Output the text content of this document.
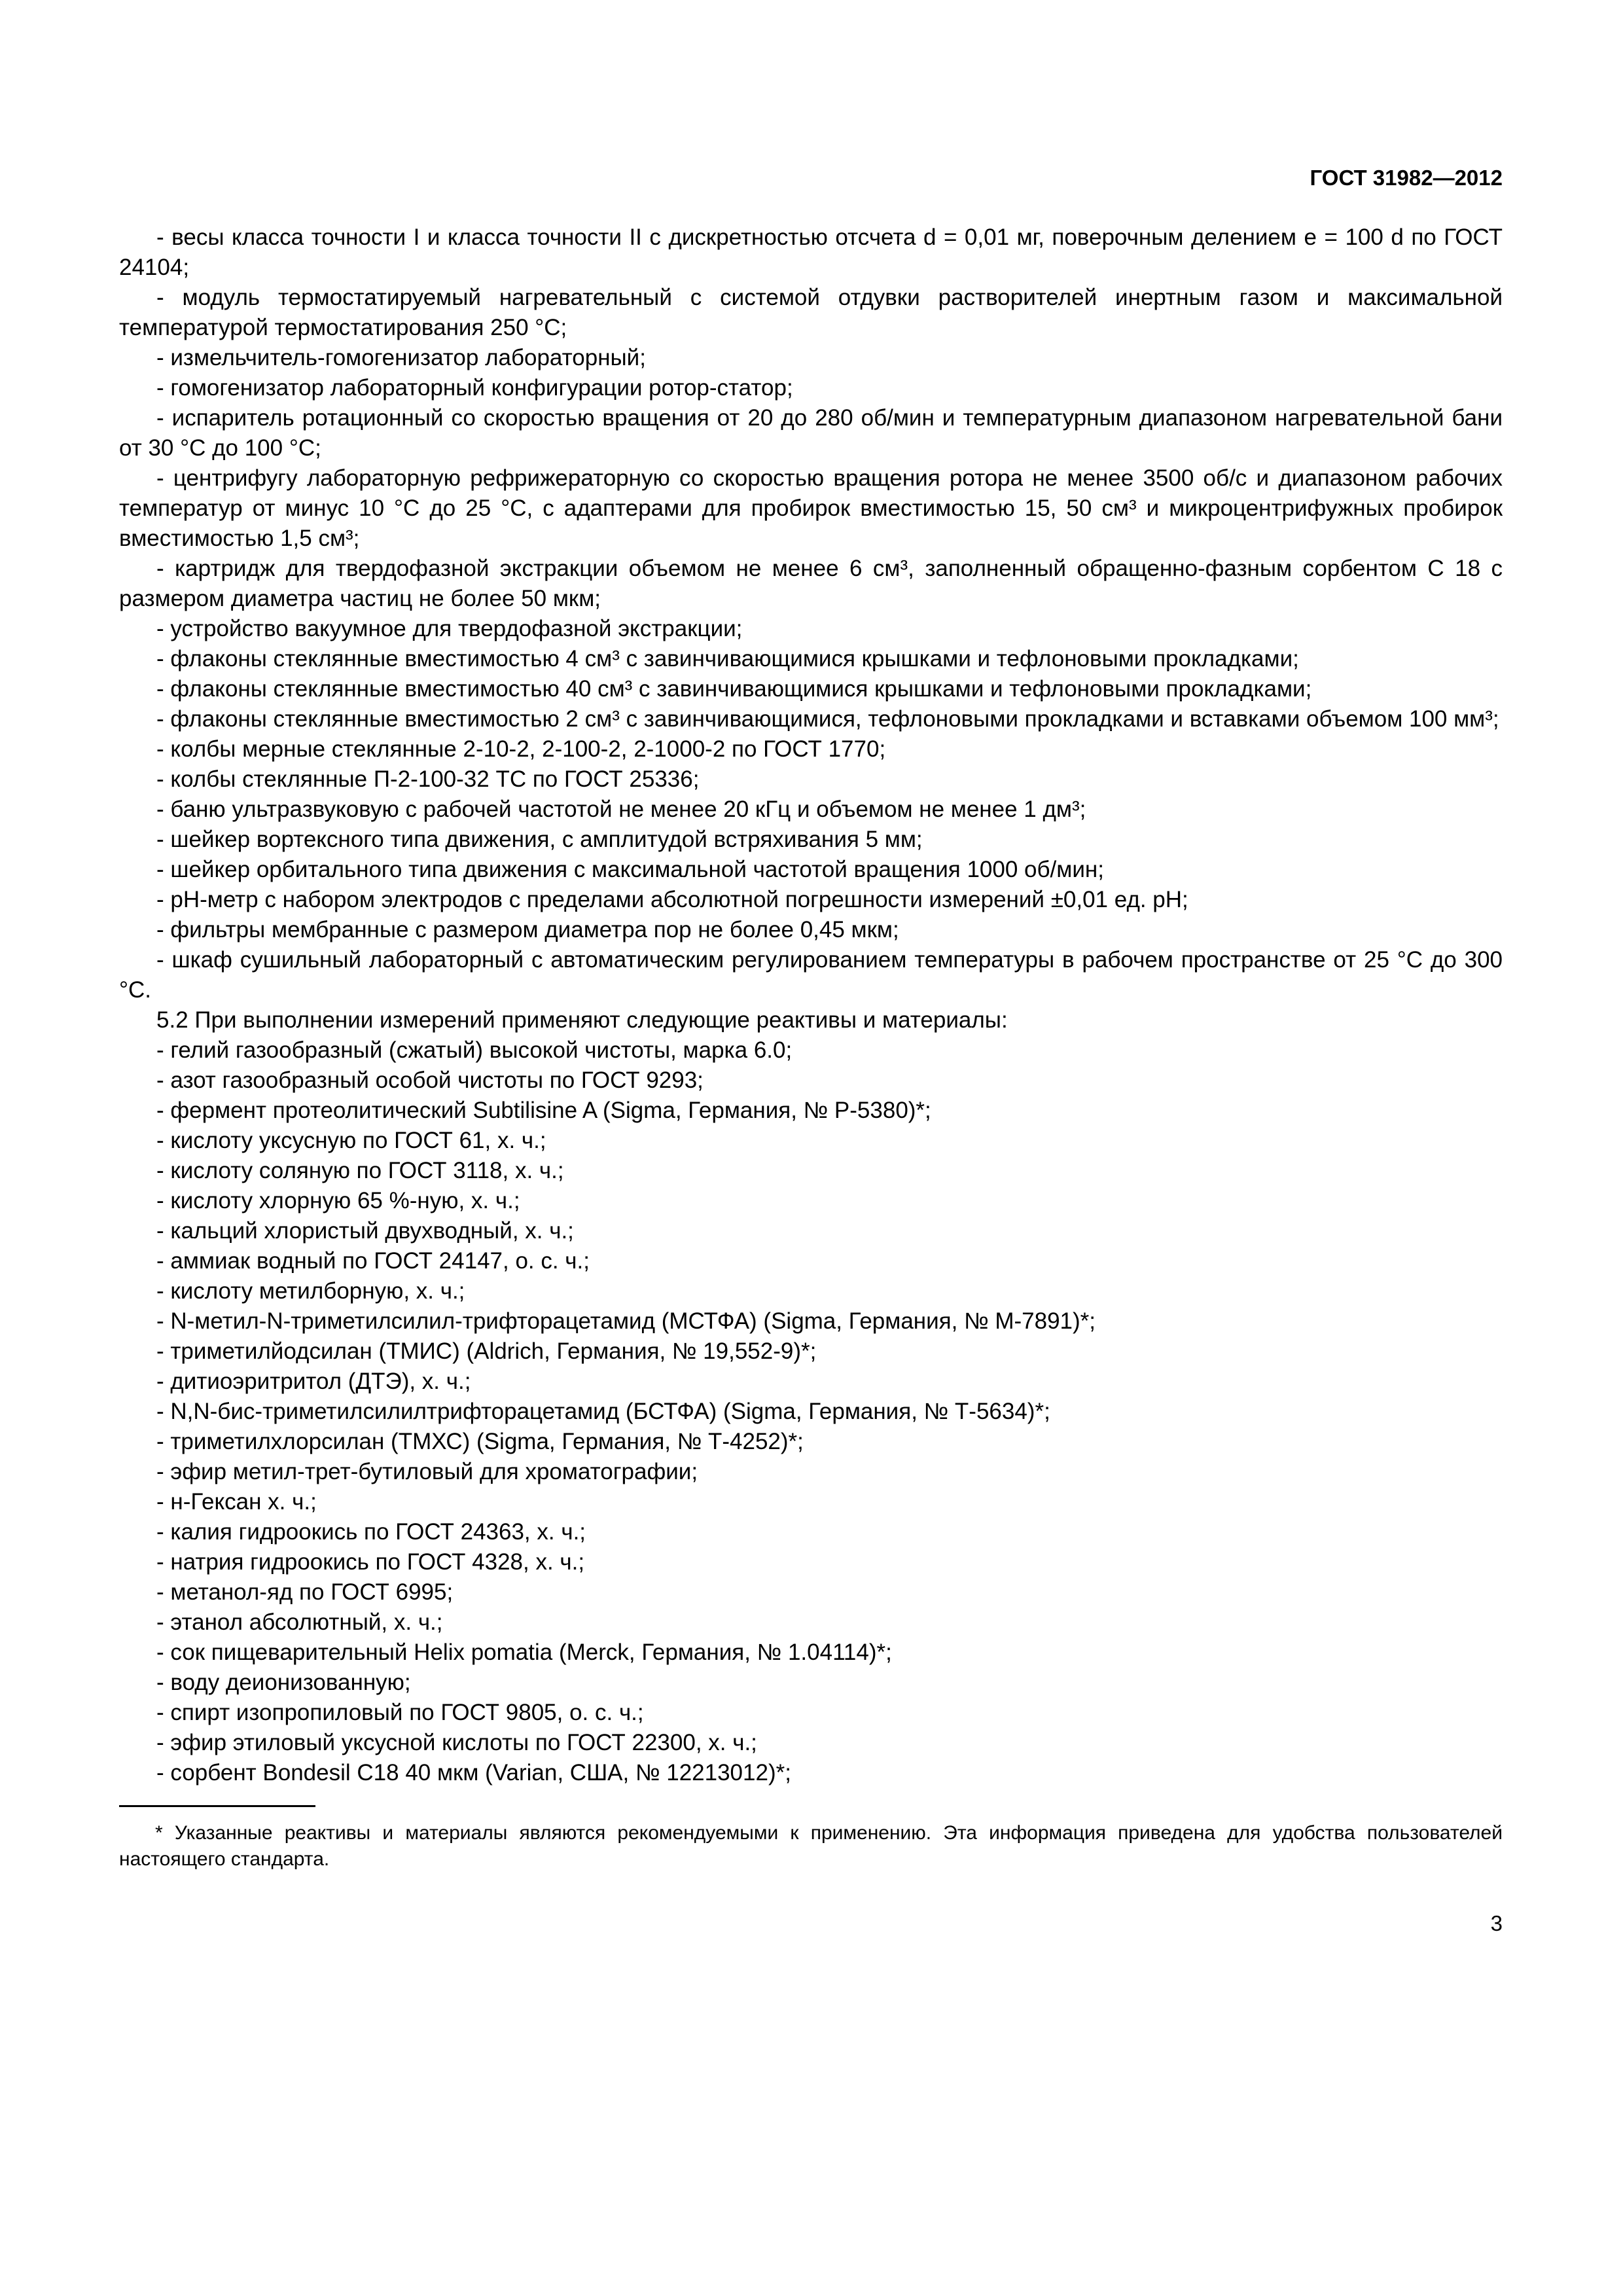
ГОСТ 31982—2012

- весы класса точности I и класса точности II с дискретностью отсчета d = 0,01 мг, поверочным делением е = 100 d по ГОСТ 24104;

- модуль термостатируемый нагревательный с системой отдувки растворителей инертным газом и максимальной температурой термостатирования 250 °С;

- измельчитель-гомогенизатор лабораторный;

- гомогенизатор лабораторный конфигурации ротор-статор;

- испаритель ротационный со скоростью вращения от 20 до 280 об/мин и температурным диапазоном нагревательной бани от 30 °С до 100 °С;

- центрифугу лабораторную рефрижераторную со скоростью вращения ротора не менее 3500 об/с и диапазоном рабочих температур от минус 10 °С до 25 °С, с адаптерами для пробирок вместимостью 15, 50 см³ и микроцентрифужных пробирок вместимостью 1,5 см³;

- картридж для твердофазной экстракции объемом не менее 6 см³, заполненный обращенно-фазным сорбентом С 18 с размером диаметра частиц не более 50 мкм;

- устройство вакуумное для твердофазной экстракции;

- флаконы стеклянные вместимостью 4 см³ с завинчивающимися крышками и тефлоновыми прокладками;

- флаконы стеклянные вместимостью 40 см³ с завинчивающимися крышками и тефлоновыми прокладками;

- флаконы стеклянные вместимостью 2 см³ с завинчивающимися, тефлоновыми прокладками и вставками объемом 100 мм³;

- колбы мерные стеклянные 2-10-2, 2-100-2, 2-1000-2 по ГОСТ 1770;

- колбы стеклянные П-2-100-32 ТС по ГОСТ 25336;

- баню ультразвуковую с рабочей частотой не менее 20 кГц и объемом не менее 1 дм³;

- шейкер вортексного типа движения, с амплитудой встряхивания 5 мм;

- шейкер орбитального типа движения с максимальной частотой вращения 1000 об/мин;

- pH-метр с набором электродов с пределами абсолютной погрешности измерений ±0,01 ед. pH;

- фильтры мембранные с размером диаметра пор не более 0,45 мкм;

- шкаф сушильный лабораторный с автоматическим регулированием температуры в рабочем пространстве от 25 °С до 300 °С.

5.2 При выполнении измерений применяют следующие реактивы и материалы:

- гелий газообразный (сжатый) высокой чистоты, марка 6.0;

- азот газообразный особой чистоты по ГОСТ 9293;

- фермент протеолитический Subtilisine A (Sigma, Германия, № Р-5380)*;

- кислоту уксусную по ГОСТ 61, х. ч.;

- кислоту соляную по ГОСТ 3118, х. ч.;

- кислоту хлорную 65 %-ную, х. ч.;

- кальций хлористый двухводный, х. ч.;

- аммиак водный по ГОСТ 24147, о. с. ч.;

- кислоту метилборную, х. ч.;

- N-метил-N-триметилсилил-трифторацетамид (МСТФА) (Sigma, Германия, № М-7891)*;

- триметилйодсилан (ТМИС) (Aldrich, Германия, № 19,552-9)*;

- дитиоэритритол (ДТЭ), х. ч.;

- N,N-бис-триметилсилилтрифторацетамид (БСТФА) (Sigma, Германия, № Т-5634)*;

- триметилхлорсилан (ТМХС) (Sigma, Германия, № Т-4252)*;

- эфир метил-трет-бутиловый для хроматографии;

- н-Гексан х. ч.;

- калия гидроокись по ГОСТ 24363, х. ч.;

- натрия гидроокись по ГОСТ 4328, х. ч.;

- метанол-яд по ГОСТ 6995;

- этанол абсолютный, х. ч.;

- сок пищеварительный Helix pomatia (Merck, Германия, № 1.04114)*;

- воду деионизованную;

- спирт изопропиловый по ГОСТ 9805, о. с. ч.;

- эфир этиловый уксусной кислоты по ГОСТ 22300, х. ч.;

- сорбент Bondesil C18 40 мкм (Varian, США, № 12213012)*;

* Указанные реактивы и материалы являются рекомендуемыми к применению. Эта информация приведена для удобства пользователей настоящего стандарта.
3
